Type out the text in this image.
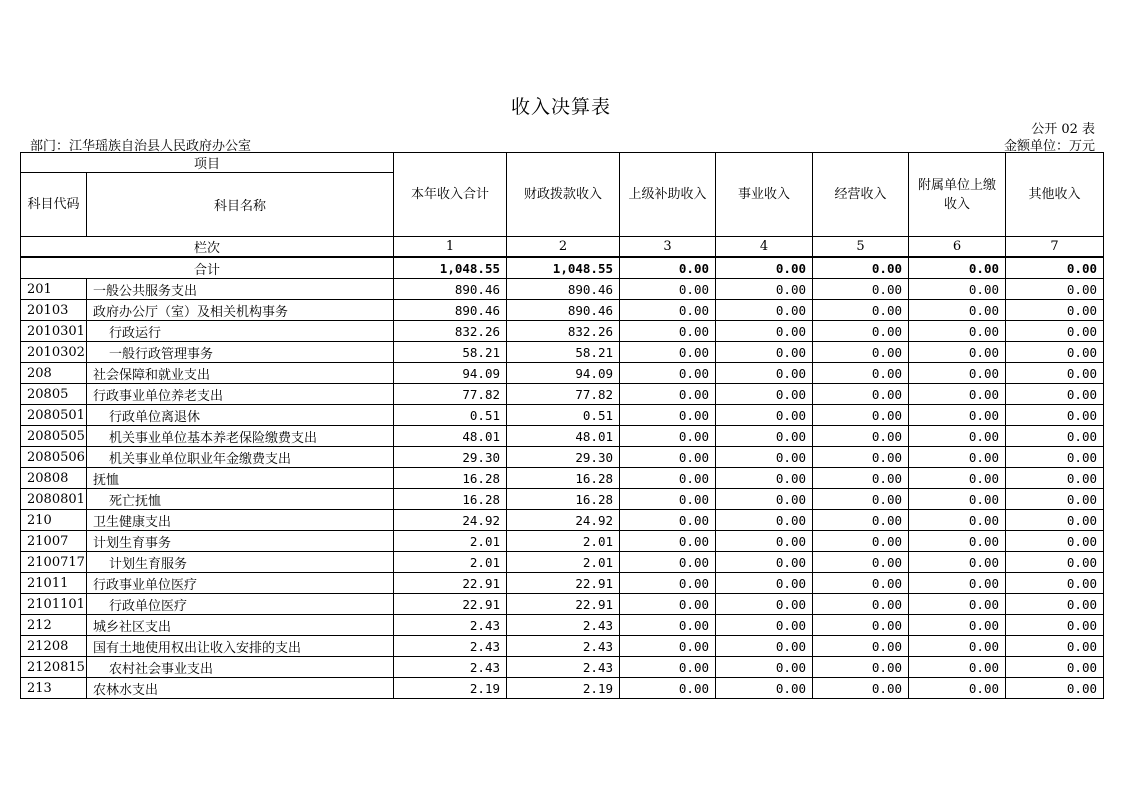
收入决算表
公开 02 表
部门：江华瑶族自治县人民政府办公室	金额单位：万元
项目		本年收入合计	财政拨款收入	上级补助收入	事业收入	经营收入	附属单位上缴收入	其他收入
科目代码	科目名称							
栏次		1	2	3	4	5	6	7
合计		1,048.55	1,048.55	0.00	0.00	0.00	0.00	0.00
201	一般公共服务支出	890.46	890.46	0.00	0.00	0.00	0.00	0.00
20103	政府办公厅（室）及相关机构事务	890.46	890.46	0.00	0.00	0.00	0.00	0.00
2010301	行政运行	832.26	832.26	0.00	0.00	0.00	0.00	0.00
2010302	一般行政管理事务	58.21	58.21	0.00	0.00	0.00	0.00	0.00
208	社会保障和就业支出	94.09	94.09	0.00	0.00	0.00	0.00	0.00
20805	行政事业单位养老支出	77.82	77.82	0.00	0.00	0.00	0.00	0.00
2080501	行政单位离退休	0.51	0.51	0.00	0.00	0.00	0.00	0.00
2080505	机关事业单位基本养老保险缴费支出	48.01	48.01	0.00	0.00	0.00	0.00	0.00
2080506	机关事业单位职业年金缴费支出	29.30	29.30	0.00	0.00	0.00	0.00	0.00
20808	抚恤	16.28	16.28	0.00	0.00	0.00	0.00	0.00
2080801	死亡抚恤	16.28	16.28	0.00	0.00	0.00	0.00	0.00
210	卫生健康支出	24.92	24.92	0.00	0.00	0.00	0.00	0.00
21007	计划生育事务	2.01	2.01	0.00	0.00	0.00	0.00	0.00
2100717	计划生育服务	2.01	2.01	0.00	0.00	0.00	0.00	0.00
21011	行政事业单位医疗	22.91	22.91	0.00	0.00	0.00	0.00	0.00
2101101	行政单位医疗	22.91	22.91	0.00	0.00	0.00	0.00	0.00
212	城乡社区支出	2.43	2.43	0.00	0.00	0.00	0.00	0.00
21208	国有土地使用权出让收入安排的支出	2.43	2.43	0.00	0.00	0.00	0.00	0.00
2120815	农村社会事业支出	2.43	2.43	0.00	0.00	0.00	0.00	0.00
213	农林水支出	2.19	2.19	0.00	0.00	0.00	0.00	0.00
